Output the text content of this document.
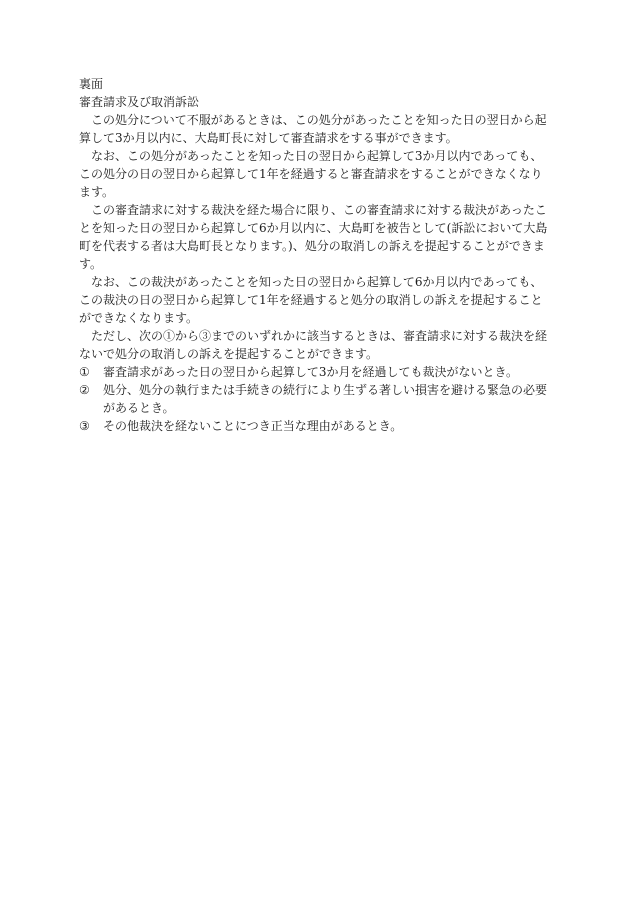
裏面

審査請求及び取消訴訟

この処分について不服があるときは、この処分があったことを知った日の翌日から起算して3か月以内に、大島町長に対して審査請求をする事ができます。

なお、この処分があったことを知った日の翌日から起算して3か月以内であっても、この処分の日の翌日から起算して1年を経過すると審査請求をすることができなくなります。

この審査請求に対する裁決を経た場合に限り、この審査請求に対する裁決があったことを知った日の翌日から起算して6か月以内に、大島町を被告として(訴訟において大島町を代表する者は大島町長となります。)、処分の取消しの訴えを提起することができます。

なお、この裁決があったことを知った日の翌日から起算して6か月以内であっても、この裁決の日の翌日から起算して1年を経過すると処分の取消しの訴えを提起することができなくなります。

ただし、次の①から③までのいずれかに該当するときは、審査請求に対する裁決を経ないで処分の取消しの訴えを提起することができます。

①	審査請求があった日の翌日から起算して3か月を経過しても裁決がないとき。
②	処分、処分の執行または手続きの続行により生ずる著しい損害を避ける緊急の必要があるとき。
③	その他裁決を経ないことにつき正当な理由があるとき。
